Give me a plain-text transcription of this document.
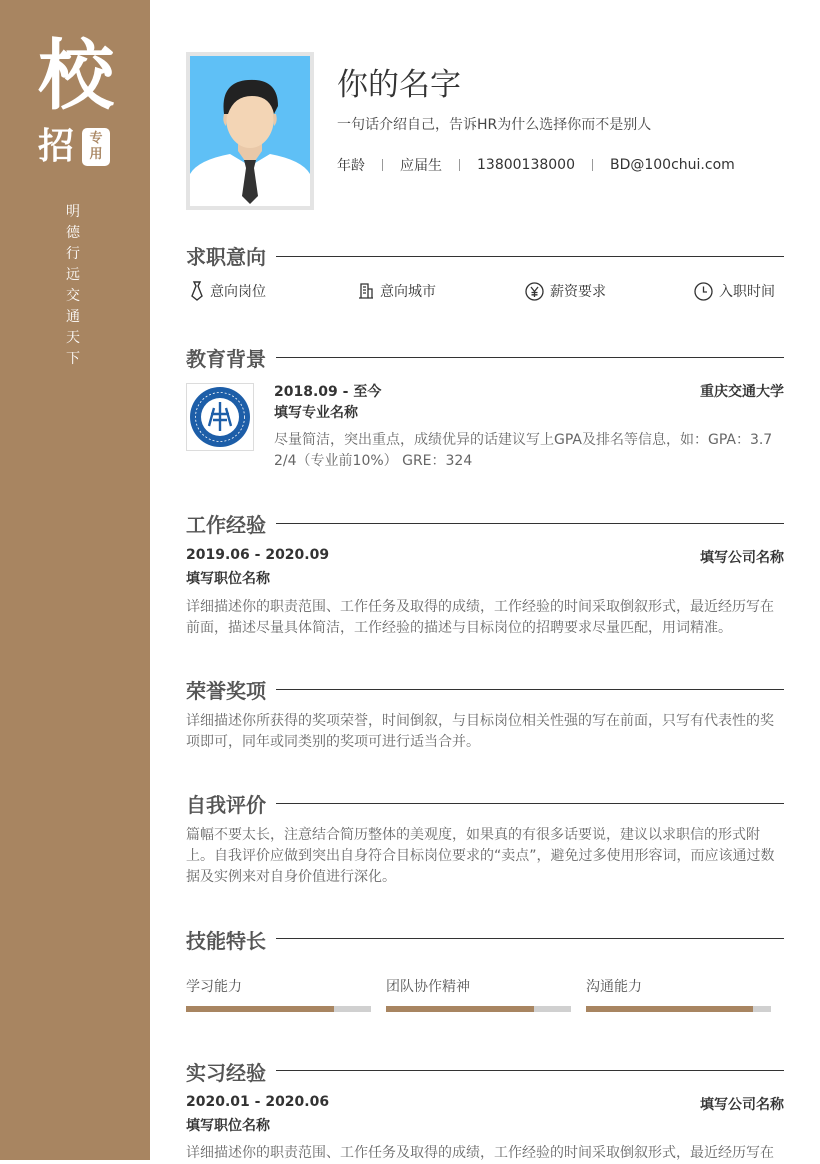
校
招	专
用
明德行远交通天下
你的名字
一句话介绍自己，告诉HR为什么选择你而不是别人
年龄	应届生	13800138000	BD@100chui.com
求职意向
意向岗位	意向城市	薪资要求	入职时间
教育背景
2018.09 - 至今	重庆交通大学
填写专业名称
尽量简洁，突出重点，成绩优异的话建议写上GPA及排名等信息，如：GPA：3.72/4（专业前10%） GRE：324
工作经验
2019.06 - 2020.09	填写公司名称
填写职位名称
详细描述你的职责范围、工作任务及取得的成绩，工作经验的时间采取倒叙形式，最近经历写在前面，描述尽量具体简洁，工作经验的描述与目标岗位的招聘要求尽量匹配，用词精准。
荣誉奖项
详细描述你所获得的奖项荣誉，时间倒叙，与目标岗位相关性强的写在前面，只写有代表性的奖项即可，同年或同类别的奖项可进行适当合并。
自我评价
篇幅不要太长，注意结合简历整体的美观度，如果真的有很多话要说，建议以求职信的形式附上。自我评价应做到突出自身符合目标岗位要求的“卖点”，避免过多使用形容词，而应该通过数据及实例来对自身价值进行深化。
技能特长
学习能力	团队协作精神	沟通能力
实习经验
2020.01 - 2020.06	填写公司名称
填写职位名称
详细描述你的职责范围、工作任务及取得的成绩，工作经验的时间采取倒叙形式，最近经历写在
